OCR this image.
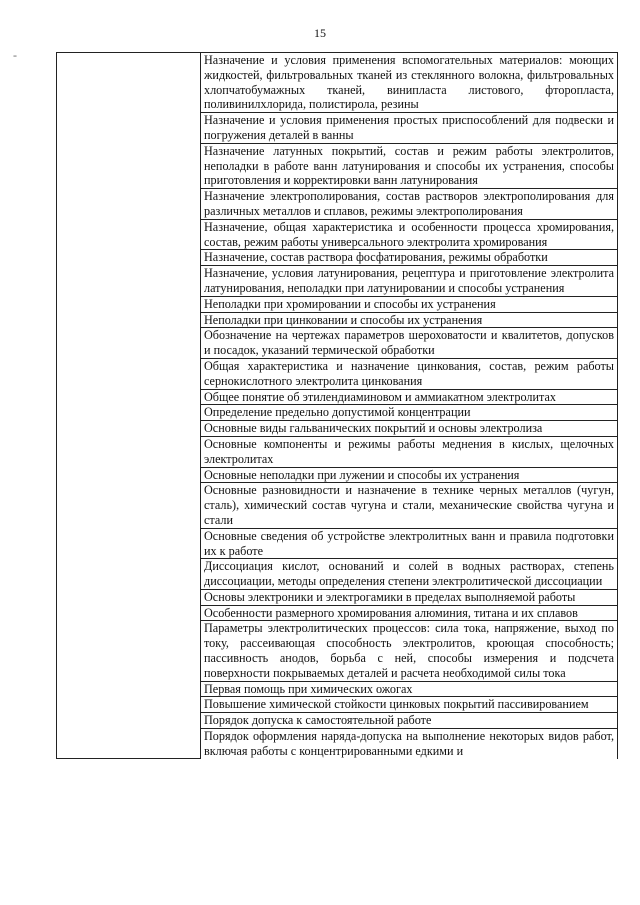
15
-
		Назначение и условия применения вспомогательных материалов: моющих жидкостей, фильтровальных тканей из стеклянного волокна, фильтровальных хлопчатобумажных тканей, винипласта листового, фторопласта, поливинилхлорида, полистирола, резины
Назначение и условия применения простых приспособлений для подвески и погружения деталей в ванны
Назначение латунных покрытий, состав и режим работы электролитов, неполадки в работе ванн латунирования и способы их устранения, способы приготовления и корректировки ванн латунирования
Назначение электрополирования, состав растворов электрополирования для различных металлов и сплавов, режимы электрополирования
Назначение, общая характеристика и особенности процесса хромирования, состав, режим работы универсального электролита хромирования
Назначение, состав раствора фосфатирования, режимы обработки
Назначение, условия латунирования, рецептура и приготовление электролита латунирования, неполадки при латунировании и способы устранения
Неполадки при хромировании и способы их устранения
Неполадки при цинковании и способы их устранения
Обозначение на чертежах параметров шероховатости и квалитетов, допусков и посадок, указаний термической обработки
Общая характеристика и назначение цинкования, состав, режим работы сернокислотного электролита цинкования
Общее понятие об этилендиаминовом и аммиакатном электролитах
Определение предельно допустимой концентрации
Основные виды гальванических покрытий и основы электролиза
Основные компоненты и режимы работы меднения в кислых, щелочных электролитах
Основные неполадки при лужении и способы их устранения
Основные разновидности и назначение в технике черных металлов (чугун, сталь), химический состав чугуна и стали, механические свойства чугуна и стали
Основные сведения об устройстве электролитных ванн и правила подготовки их к работе
Диссоциация кислот, оснований и солей в водных растворах, степень диссоциации, методы определения степени электролитической диссоциации
Основы электроники и электрогамики в пределах выполняемой работы
Особенности размерного хромирования алюминия, титана и их сплавов
Параметры электролитических процессов: сила тока, напряжение, выход по току, рассеивающая способность электролитов, кроющая способность; пассивность анодов, борьба с ней, способы измерения и подсчета поверхности покрываемых деталей и расчета необходимой силы тока
Первая помощь при химических ожогах
Повышение химической стойкости цинковых покрытий пассивированием
Порядок допуска к самостоятельной работе
Порядок оформления наряда-допуска на выполнение некоторых видов работ, включая работы с концентрированными едкими и
